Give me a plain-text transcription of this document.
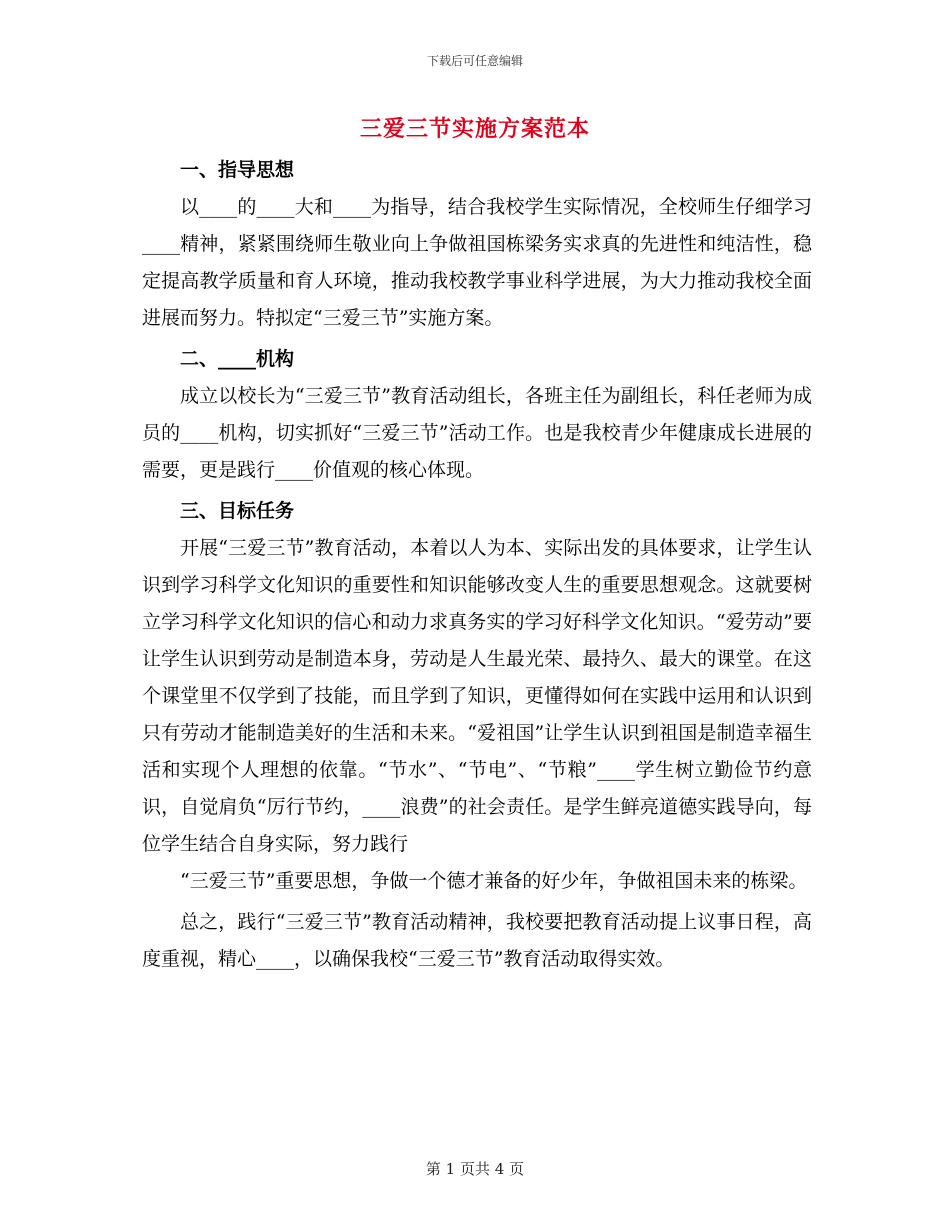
下载后可任意编辑
三爱三节实施方案范本
一、指导思想

以____的____大和____为指导，结合我校学生实际情况，全校师生仔细学习____精神，紧紧围绕师生敬业向上争做祖国栋梁务实求真的先进性和纯洁性，稳定提高教学质量和育人环境，推动我校教学事业科学进展，为大力推动我校全面进展而努力。特拟定“三爱三节”实施方案。

二、____机构

成立以校长为“三爱三节”教育活动组长，各班主任为副组长，科任老师为成员的____机构，切实抓好“三爱三节”活动工作。也是我校青少年健康成长进展的需要，更是践行____价值观的核心体现。

三、目标任务

开展“三爱三节”教育活动，本着以人为本、实际出发的具体要求，让学生认识到学习科学文化知识的重要性和知识能够改变人生的重要思想观念。这就要树立学习科学文化知识的信心和动力求真务实的学习好科学文化知识。“爱劳动”要让学生认识到劳动是制造本身，劳动是人生最光荣、最持久、最大的课堂。在这个课堂里不仅学到了技能，而且学到了知识，更懂得如何在实践中运用和认识到只有劳动才能制造美好的生活和未来。“爱祖国”让学生认识到祖国是制造幸福生活和实现个人理想的依靠。“节水”、“节电”、“节粮”____学生树立勤俭节约意识，自觉肩负“厉行节约，____浪费”的社会责任。是学生鲜亮道德实践导向，每位学生结合自身实际，努力践行

“三爱三节”重要思想，争做一个德才兼备的好少年，争做祖国未来的栋梁。

总之，践行“三爱三节”教育活动精神，我校要把教育活动提上议事日程，高度重视，精心____，以确保我校“三爱三节”教育活动取得实效。

第 1 页共 4 页
